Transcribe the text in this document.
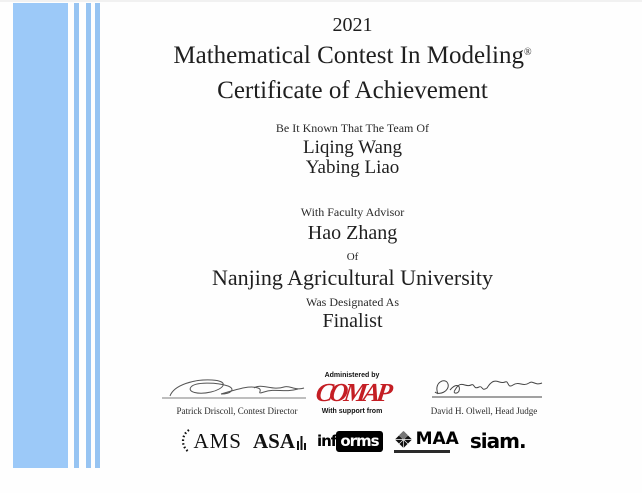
2021
Mathematical Contest In Modeling®
Certificate of Achievement
Be It Known That The Team Of
Liqing Wang
Yabing Liao
With Faculty Advisor
Hao Zhang
Of
Nanjing Agricultural University
Was Designated As
Finalist
Patrick Driscoll, Contest Director
Administered by
COMAP
With support from	David H. Olwell, Head Judge
AMS ASA inf orms MAA siam.
